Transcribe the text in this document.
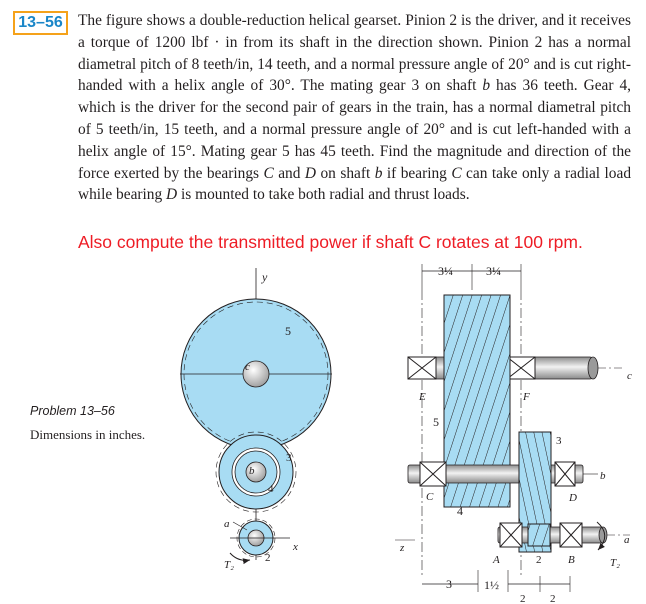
13–56 The figure shows a double-reduction helical gearset. Pinion 2 is the driver, and it receives a torque of 1200 lbf · in from its shaft in the direction shown. Pinion 2 has a normal diametral pitch of 8 teeth/in, 14 teeth, and a normal pressure angle of 20° and is cut right-handed with a helix angle of 30°. The mating gear 3 on shaft b has 36 teeth. Gear 4, which is the driver for the second pair of gears in the train, has a normal diametral pitch of 5 teeth/in, 15 teeth, and a normal pressure angle of 20° and is cut left-handed with a helix angle of 15°. Mating gear 5 has 45 teeth. Find the magnitude and direction of the force exerted by the bearings C and D on shaft b if bearing C can take only a radial load while bearing D is mounted to take both radial and thrust loads.

Also compute the transmitted power if shaft C rotates at 100 rpm.
Problem 13–56
Dimensions in inches.
y
c
5
b
3
4
x
2
a
T₂
3¼	3¼
c
E	F
5
b
C	D
4
3
a
2
A	B	T₂
z
3	1½
2 2
